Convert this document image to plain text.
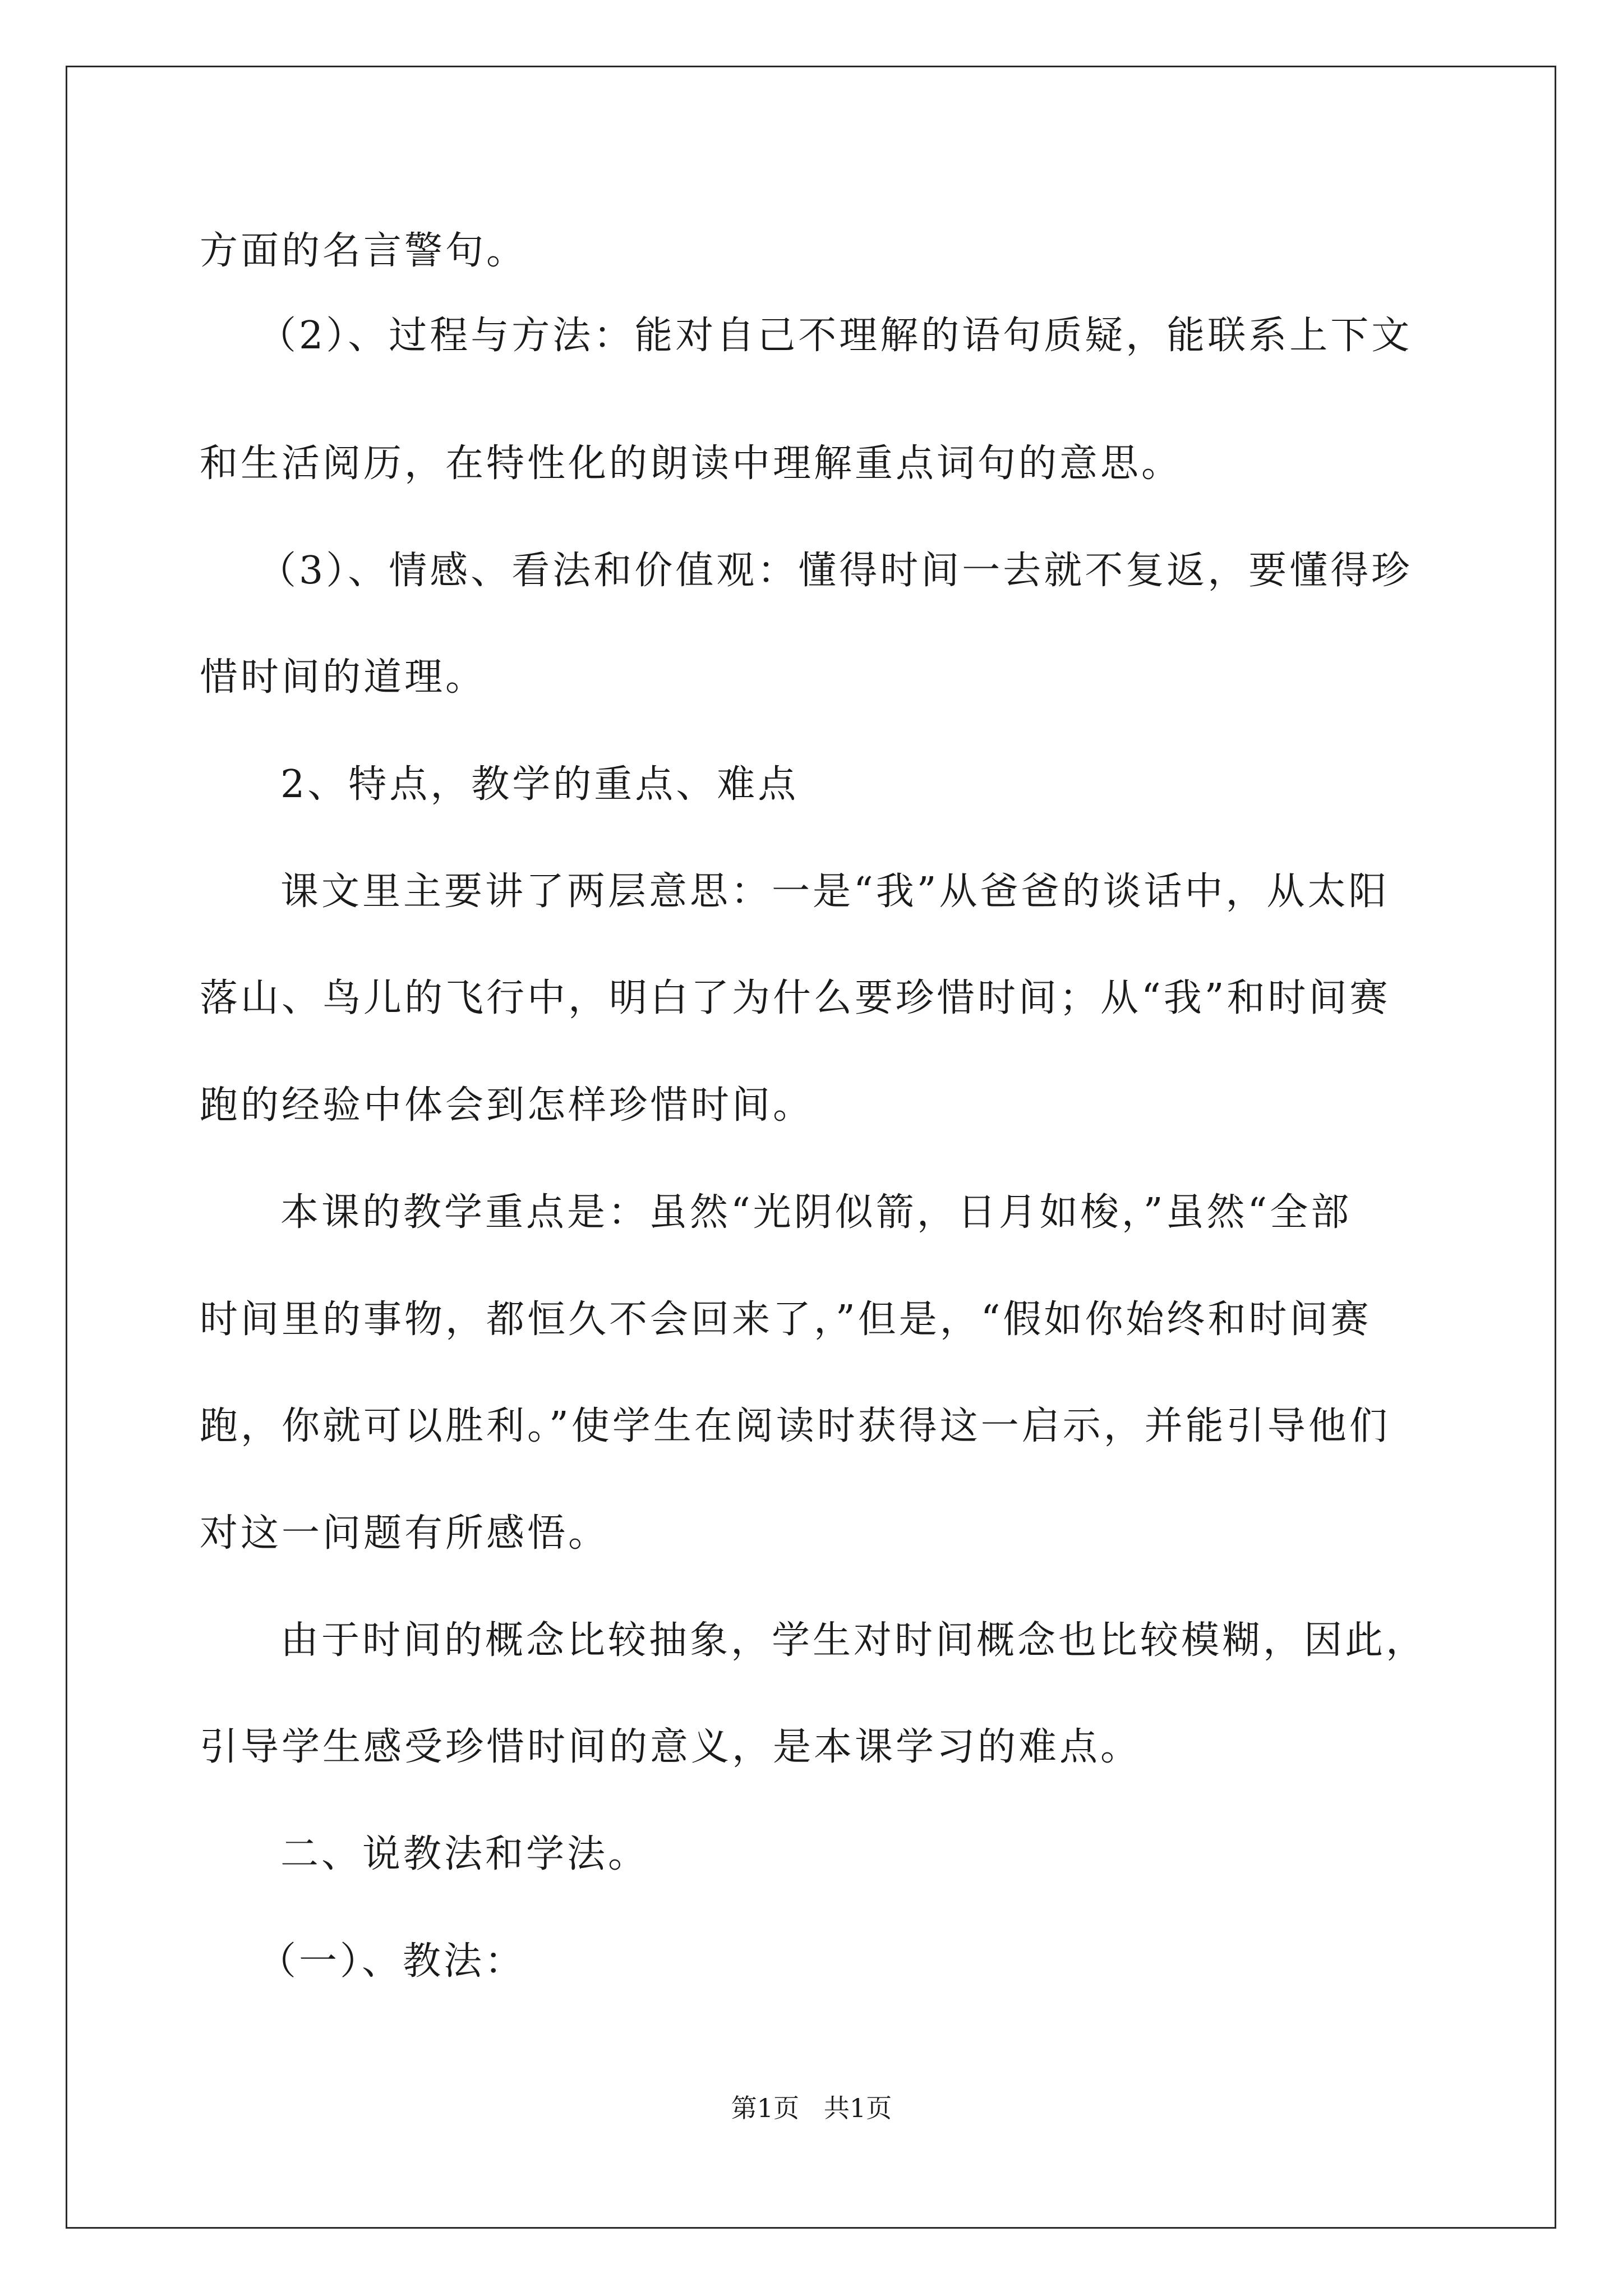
方面的名言警句。

（2）、过程与方法：能对自己不理解的语句质疑，能联系上下文

和生活阅历，在特性化的朗读中理解重点词句的意思。

（3）、情感、看法和价值观：懂得时间一去就不复返，要懂得珍

惜时间的道理。

2、特点，教学的重点、难点

课文里主要讲了两层意思：一是“我”从爸爸的谈话中，从太阳

落山、鸟儿的飞行中，明白了为什么要珍惜时间；从“我”和时间赛

跑的经验中体会到怎样珍惜时间。

本课的教学重点是：虽然“光阴似箭，日月如梭，”虽然“全部

时间里的事物，都恒久不会回来了，”但是，“假如你始终和时间赛

跑，你就可以胜利。”使学生在阅读时获得这一启示，并能引导他们

对这一问题有所感悟。

由于时间的概念比较抽象，学生对时间概念也比较模糊，因此，

引导学生感受珍惜时间的意义，是本课学习的难点。

二、说教法和学法。

（一）、教法：

第1页   共1页
